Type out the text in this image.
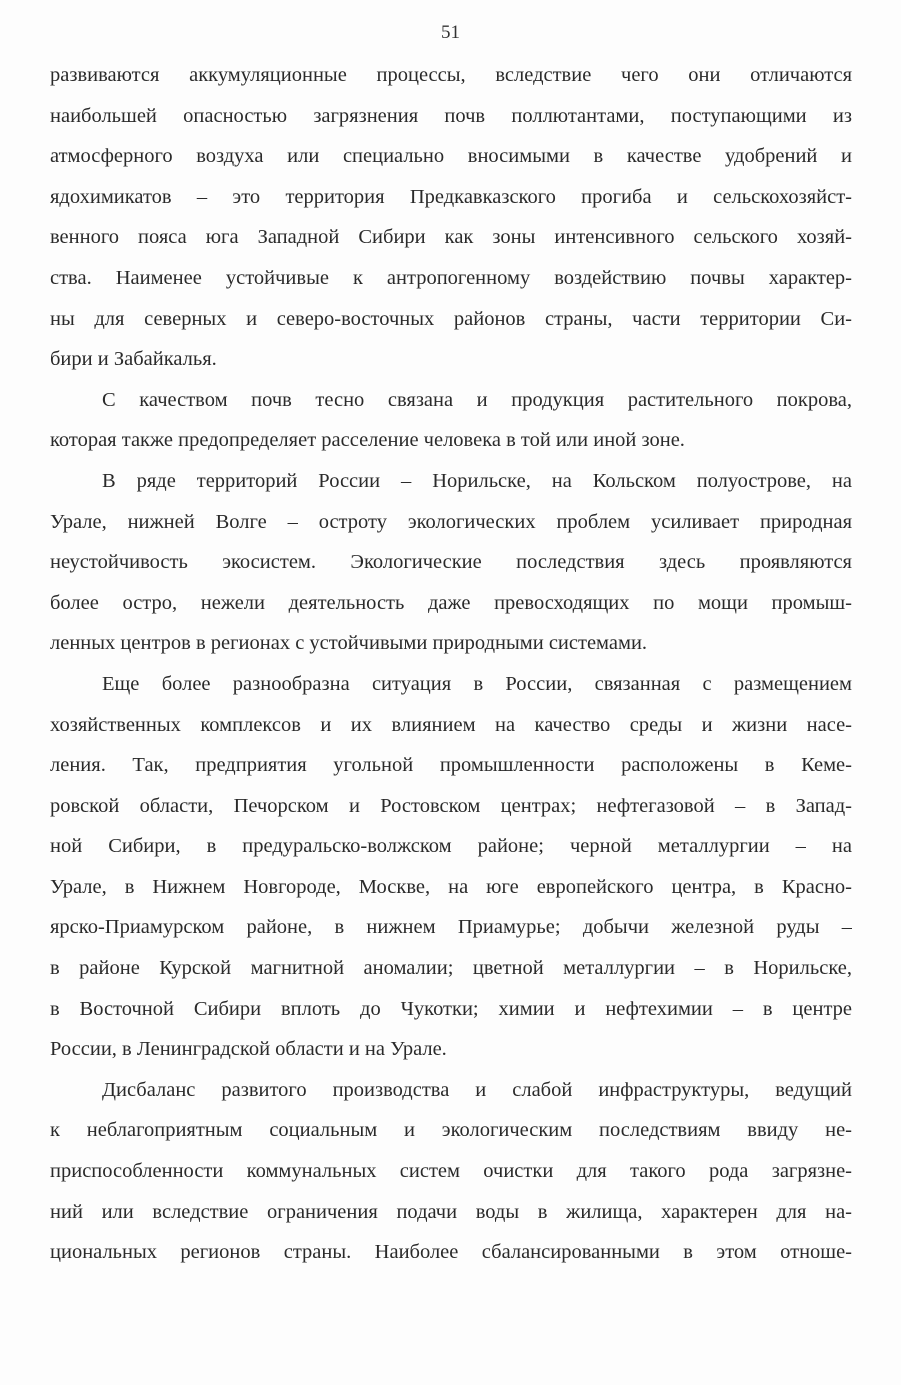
51

развиваются аккумуляционные процессы, вследствие чего они отличаются
наибольшей опасностью загрязнения почв поллютантами, поступающими из
атмосферного воздуха или специально вносимыми в качестве удобрений и
ядохимикатов – это территория Предкавказского прогиба и сельскохозяйст-
венного пояса юга Западной Сибири как зоны интенсивного сельского хозяй-
ства. Наименее устойчивые к антропогенному воздействию почвы характер-
ны для северных и северо-восточных районов страны, части территории Си-
бири и Забайкалья.

С качеством почв тесно связана и продукция растительного покрова,
которая также предопределяет расселение человека в той или иной зоне.

В ряде территорий России – Норильске, на Кольском полуострове, на
Урале, нижней Волге – остроту экологических проблем усиливает природная
неустойчивость экосистем. Экологические последствия здесь проявляются
более остро, нежели деятельность даже превосходящих по мощи промыш-
ленных центров в регионах с устойчивыми природными системами.

Еще более разнообразна ситуация в России, связанная с размещением
хозяйственных комплексов и их влиянием на качество среды и жизни насе-
ления. Так, предприятия угольной промышленности расположены в Кеме-
ровской области, Печорском и Ростовском центрах; нефтегазовой – в Запад-
ной Сибири, в предуральско-волжском районе; черной металлургии – на
Урале, в Нижнем Новгороде, Москве, на юге европейского центра, в Красно-
ярско-Приамурском районе, в нижнем Приамурье; добычи железной руды –
в районе Курской магнитной аномалии; цветной металлургии – в Норильске,
в Восточной Сибири вплоть до Чукотки; химии и нефтехимии – в центре
России, в Ленинградской области и на Урале.

Дисбаланс развитого производства и слабой инфраструктуры, ведущий
к неблагоприятным социальным и экологическим последствиям ввиду не-
приспособленности коммунальных систем очистки для такого рода загрязне-
ний или вследствие ограничения подачи воды в жилища, характерен для на-
циональных регионов страны. Наиболее сбалансированными в этом отноше-
